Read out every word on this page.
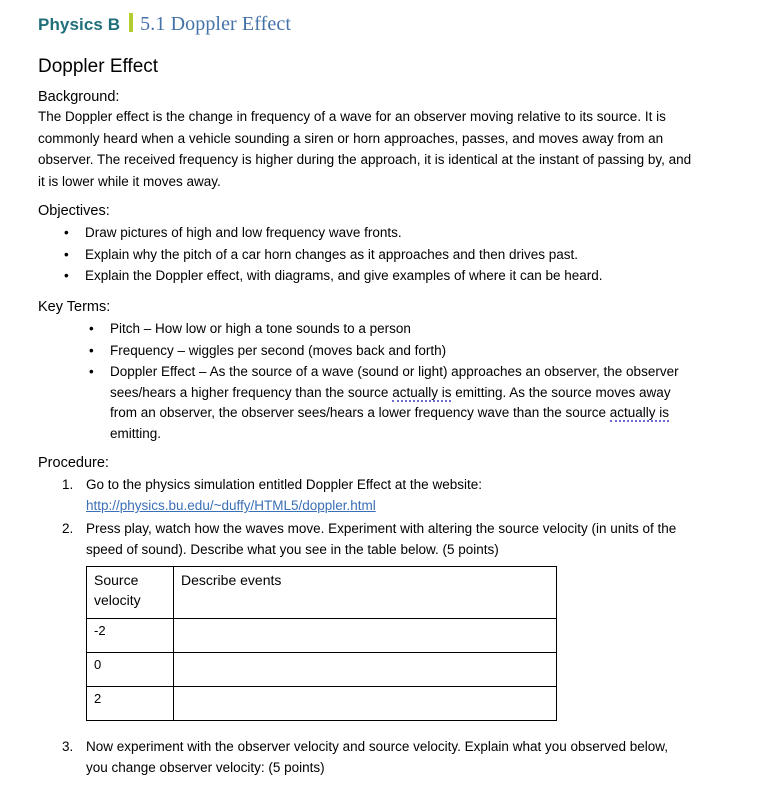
Physics B 5.1 Doppler Effect
Doppler Effect
Background:
The Doppler effect is the change in frequency of a wave for an observer moving relative to its source. It is commonly heard when a vehicle sounding a siren or horn approaches, passes, and moves away from an observer. The received frequency is higher during the approach, it is identical at the instant of passing by, and it is lower while it moves away.
Objectives:
• Draw pictures of high and low frequency wave fronts.
• Explain why the pitch of a car horn changes as it approaches and then drives past.
• Explain the Doppler effect, with diagrams, and give examples of where it can be heard.
Key Terms:
• Pitch – How low or high a tone sounds to a person
• Frequency – wiggles per second (moves back and forth)
• Doppler Effect – As the source of a wave (sound or light) approaches an observer, the observer sees/hears a higher frequency than the source actually is emitting. As the source moves away from an observer, the observer sees/hears a lower frequency wave than the source actually is emitting.
Procedure:
Go to the physics simulation entitled Doppler Effect at the website:
http://physics.bu.edu/~duffy/HTML5/doppler.html
Press play, watch how the waves move. Experiment with altering the source velocity (in units of the speed of sound). Describe what you see in the table below. (5 points)
Source velocity	Describe events
-2	
0	
2	
Now experiment with the observer velocity and source velocity. Explain what you observed below, you change observer velocity: (5 points)
